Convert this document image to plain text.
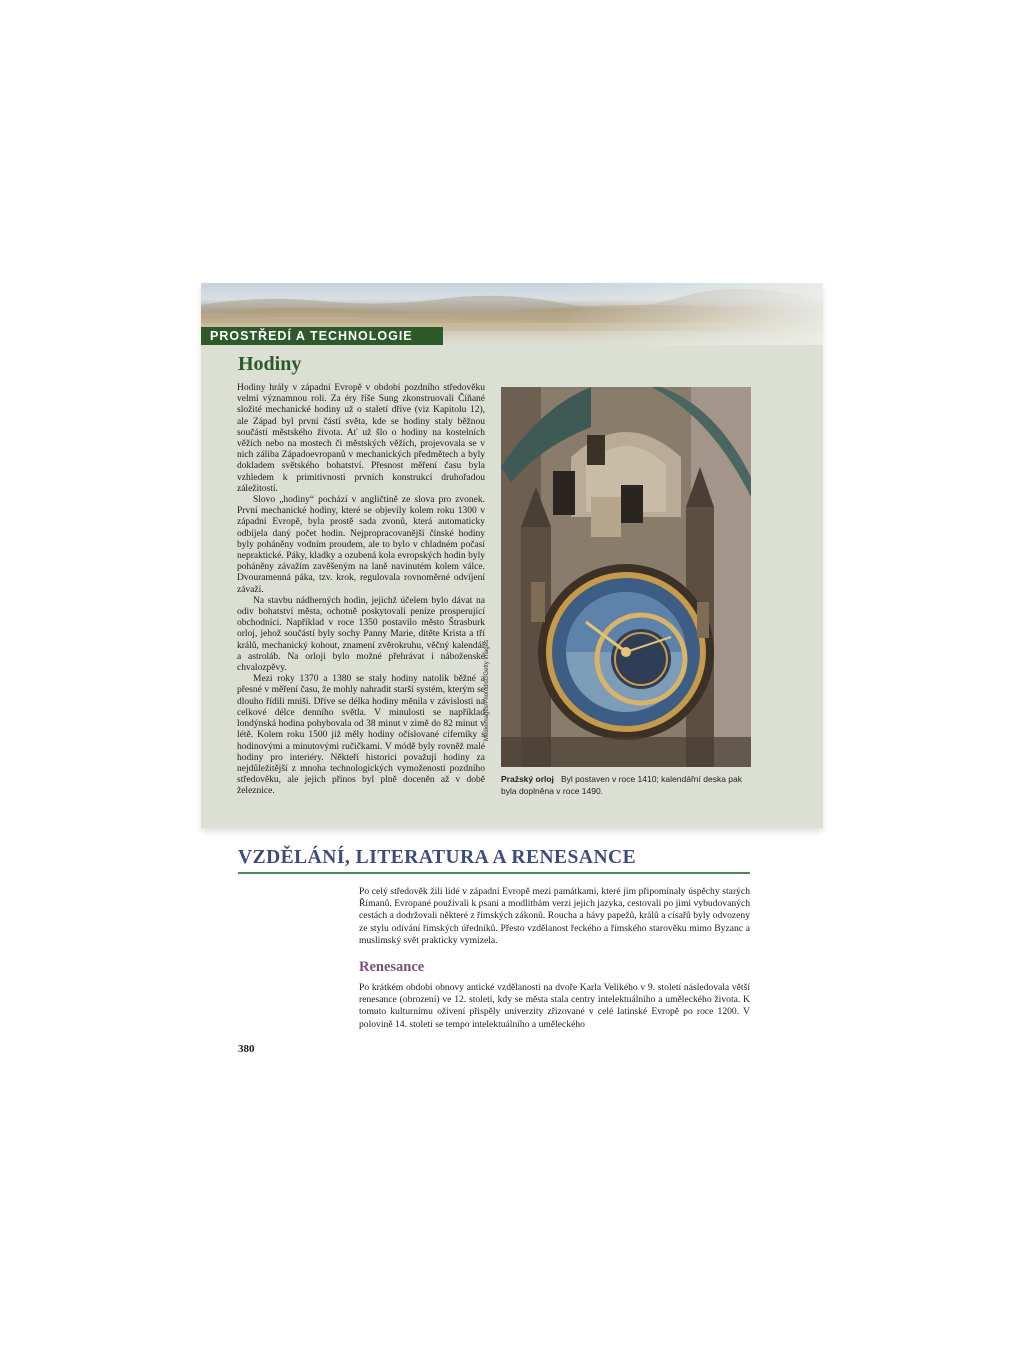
PROSTŘEDÍ A TECHNOLOGIE
Hodiny

Hodiny hrály v západní Evropě v období pozdního středověku velmi významnou roli. Za éry říše Sung zkonstruovali Číňané složité mechanické hodiny už o staletí dříve (viz Kapitolu 12), ale Západ byl první částí světa, kde se hodiny staly běžnou součástí městského života. Ať už šlo o hodiny na kostelních věžích nebo na mostech či městských věžích, projevovala se v nich záliba Západoevropanů v mechanických předmětech a byly dokladem světského bohatství. Přesnost měření času byla vzhledem k primitivnosti prvních konstrukcí druhořadou záležitostí.

Slovo „hodiny“ pochází v angličtině ze slova pro zvonek. První mechanické hodiny, které se objevily kolem roku 1300 v západní Evropě, byla prostě sada zvonů, která automaticky odbíjela daný počet hodin. Nejpropracovanější čínské hodiny byly poháněny vodním proudem, ale to bylo v chladném počasí nepraktické. Páky, kladky a ozubená kola evropských hodin byly poháněny závažím zavěšeným na laně navinutém kolem válce. Dvouramenná páka, tzv. krok, regulovala rovnoměrné odvíjení závaží.

Na stavbu nádherných hodin, jejichž účelem bylo dávat na odiv bohatství města, ochotně poskytovali peníze prosperující obchodníci. Například v roce 1350 postavilo město Štrasburk orloj, jehož součástí byly sochy Panny Marie, dítěte Krista a tří králů, mechanický kohout, znamení zvěrokruhu, věčný kalendář a astroláb. Na orloji bylo možné přehrávat i náboženské chvalozpěvy.

Mezi roky 1370 a 1380 se staly hodiny natolik běžné a přesné v měření času, že mohly nahradit starší systém, kterým se dlouho řídili mniši. Dříve se délka hodiny měnila v závislosti na celkové délce denního světla. V minulosti se například londýnská hodina pohybovala od 38 minut v zimě do 82 minut v létě. Kolem roku 1500 již měly hodiny očíslované ciferníky s hodinovými a minutovými ručičkami. V módě byly rovněž malé hodiny pro interiéry. Někteří historici považují hodiny za nejdůležitější z mnoha technologických vymožeností pozdního středověku, ale jejich přínos byl plně doceněn až v době železnice.

Medioimages/Photodisc/Getty Images
Pražský orloj Byl postaven v roce 1410; kalendářní deska pak byla doplněna v roce 1490.
VZDĚLÁNÍ, LITERATURA A RENESANCE

Po celý středověk žili lidé v západní Evropě mezi památkami, které jim připomínaly úspěchy starých Římanů. Evropané používali k psaní a modlitbám verzi jejich jazyka, cestovali po jimi vybudovaných cestách a dodržovali některé z římských zákonů. Roucha a hávy papežů, králů a císařů byly odvozeny ze stylu odívání římských úředníků. Přesto vzdělanost řeckého a římského starověku mimo Byzanc a muslimský svět prakticky vymizela.

Renesance

Po krátkém období obnovy antické vzdělanosti na dvoře Karla Velikého v 9. století následovala větší renesance (obrození) ve 12. století, kdy se města stala centry intelektuálního a uměleckého života. K tomuto kulturnímu oživení přispěly univerzity zřizované v celé latinské Evropě po roce 1200. V polovině 14. století se tempo intelektuálního a uměleckého

380
